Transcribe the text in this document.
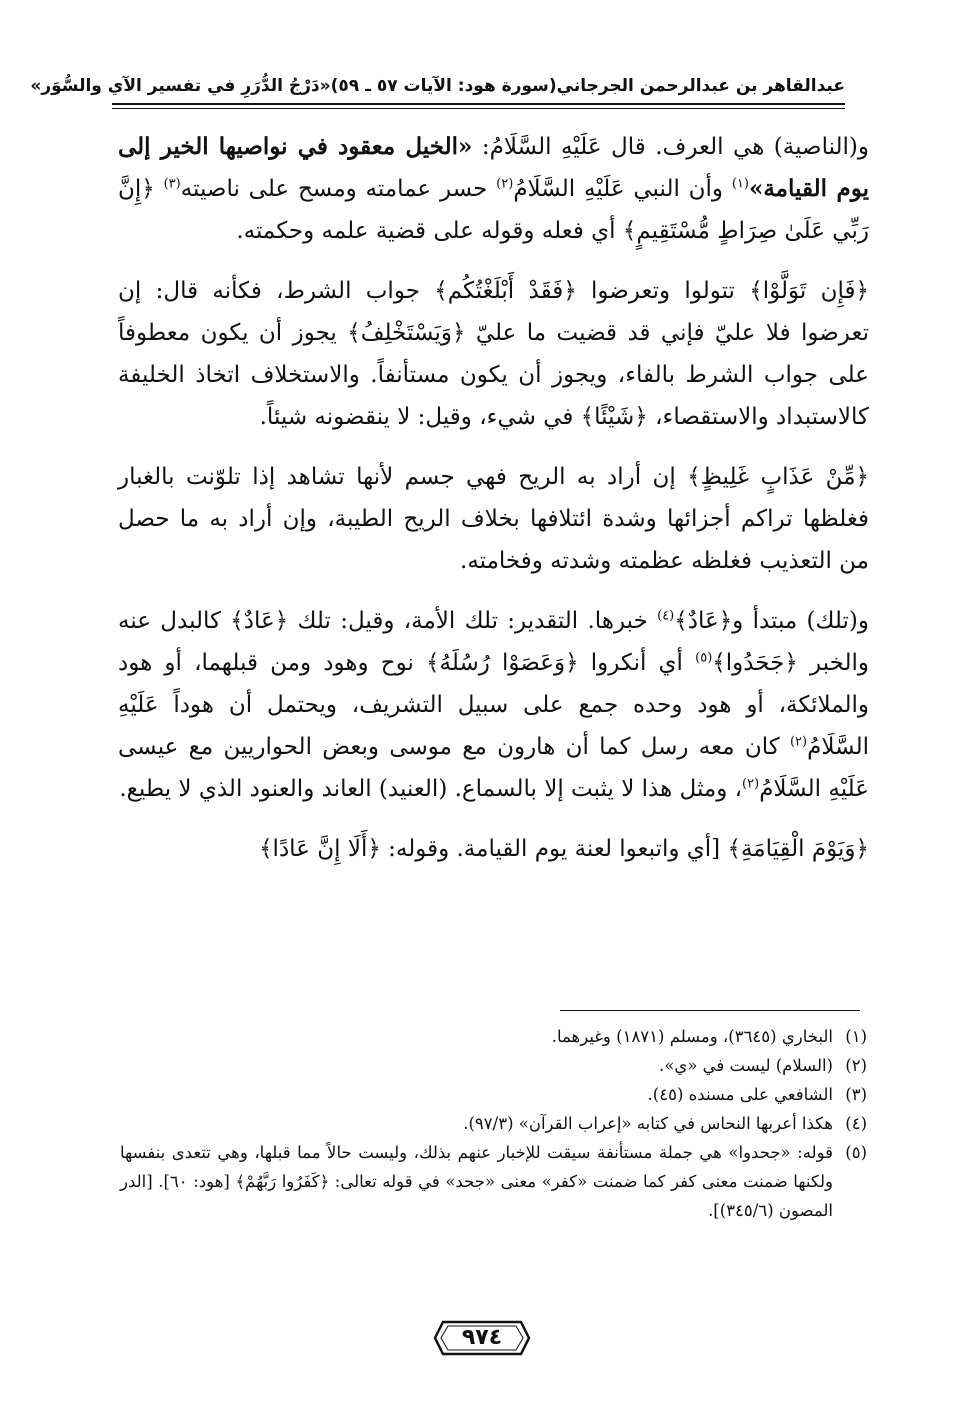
عبدالقاهر بن عبدالرحمن الجرجاني
(سورة هود: الآيات ٥٧ ـ ٥٩)
«دَرْجُ الدُّرَرِ في تفسير الآي والسُّوَر»

و(الناصية) هي العرف. قال عَلَيْهِ السَّلَامُ: «الخيل معقود في نواصيها الخير إلى يوم القيامة»$^{(١)}$ وأن النبي عَلَيْهِ السَّلَامُ$^{(٢)}$ حسر عمامته ومسح على ناصيته$^{(٣)}$ ﴿إِنَّ رَبِّي عَلَىٰ صِرَاطٍ مُّسْتَقِيمٍ﴾ أي فعله وقوله على قضية علمه وحكمته.

﴿فَإِن تَوَلَّوْا﴾ تتولوا وتعرضوا ﴿فَقَدْ أَبْلَغْتُكُم﴾ جواب الشرط، فكأنه قال: إن تعرضوا فلا عليّ فإني قد قضيت ما عليّ ﴿وَيَسْتَخْلِفُ﴾ يجوز أن يكون معطوفاً على جواب الشرط بالفاء، ويجوز أن يكون مستأنفاً. والاستخلاف اتخاذ الخليفة كالاستبداد والاستقصاء، ﴿شَيْئًا﴾ في شيء، وقيل: لا ينقضونه شيئاً.

﴿مِّنْ عَذَابٍ غَلِيظٍ﴾ إن أراد به الريح فهي جسم لأنها تشاهد إذا تلوّنت بالغبار فغلظها تراكم أجزائها وشدة ائتلافها بخلاف الريح الطيبة، وإن أراد به ما حصل من التعذيب فغلظه عظمته وشدته وفخامته.

و(تلك) مبتدأ و﴿عَادٌ﴾$^{(٤)}$ خبرها. التقدير: تلك الأمة، وقيل: تلك ﴿عَادٌ﴾ كالبدل عنه والخبر ﴿جَحَدُوا﴾$^{(٥)}$ أي أنكروا ﴿وَعَصَوْا رُسُلَهُ﴾ نوح وهود ومن قبلهما، أو هود والملائكة، أو هود وحده جمع على سبيل التشريف، ويحتمل أن هوداً عَلَيْهِ السَّلَامُ$^{(٢)}$ كان معه رسل كما أن هارون مع موسى وبعض الحواريين مع عيسى عَلَيْهِ السَّلَامُ$^{(٢)}$، ومثل هذا لا يثبت إلا بالسماع. (العنيد) العاند والعنود الذي لا يطيع.

﴿وَيَوْمَ الْقِيَامَةِ﴾ [أي واتبعوا لعنة يوم القيامة. وقوله: ﴿أَلَا إِنَّ عَادًا﴾

(١)
البخاري (٣٦٤٥)، ومسلم (١٨٧١) وغيرهما.
(٢)
(السلام) ليست في «ي».
(٣)
الشافعي على مسنده (٤٥).
(٤)
هكذا أعربها النحاس في كتابه «إعراب القرآن» (٩٧/٣).
(٥)
قوله: «جحدوا» هي جملة مستأنفة سيقت للإخبار عنهم بذلك، وليست حالاً مما قبلها، وهي تتعدى بنفسها ولكنها ضمنت معنى كفر كما ضمنت «كفر» معنى «جحد» في قوله تعالى: ﴿كَفَرُوا رَبَّهُمْ﴾ [هود: ٦٠]. [الدر المصون (٣٤٥/٦)].
٩٧٤
